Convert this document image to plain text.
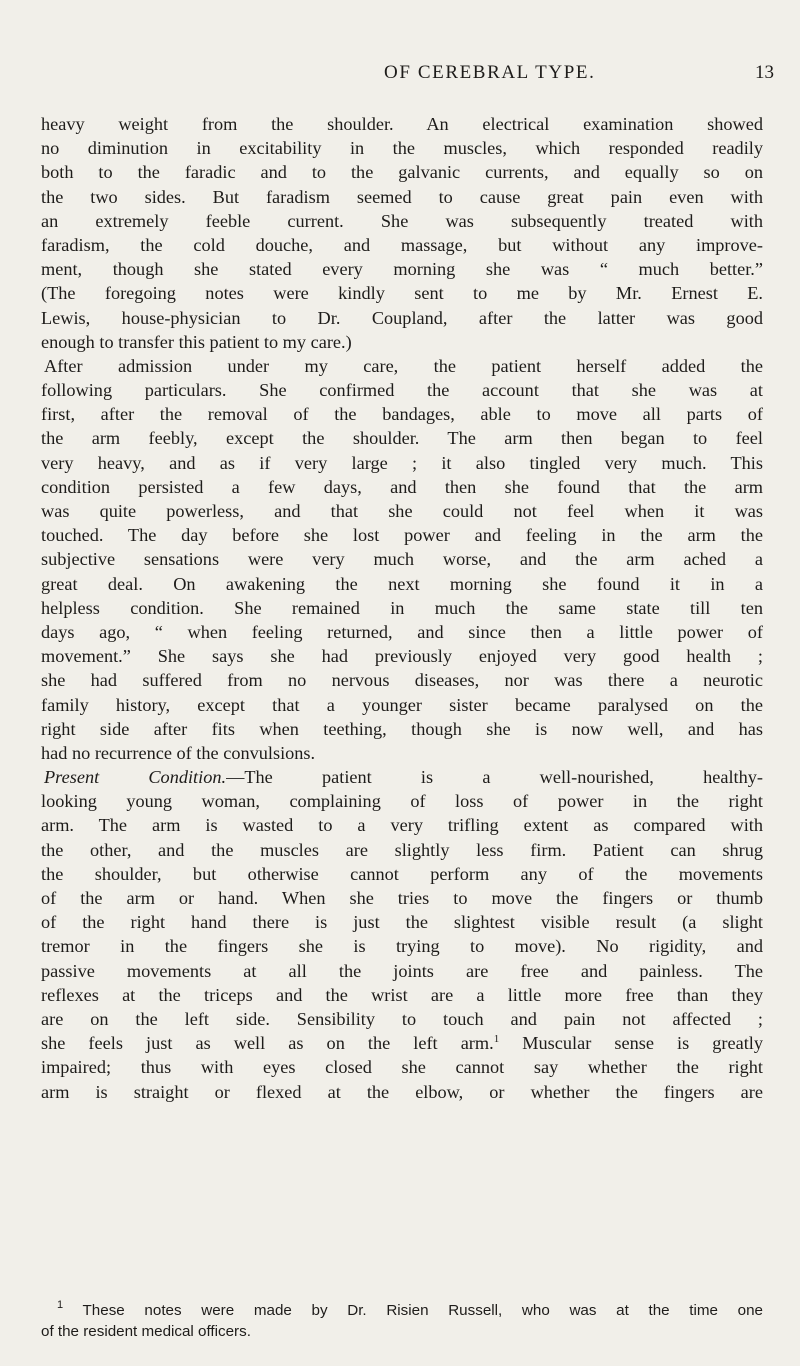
OF CEREBRAL TYPE.	13
heavy weight from the shoulder. An electrical examination showed
no diminution in excitability in the muscles, which responded readily
both to the faradic and to the galvanic currents, and equally so on
the two sides. But faradism seemed to cause great pain even with
an extremely feeble current. She was subsequently treated with
faradism, the cold douche, and massage, but without any improve-
ment, though she stated every morning she was “ much better.”
(The foregoing notes were kindly sent to me by Mr. Ernest E.
Lewis, house-physician to Dr. Coupland, after the latter was good
enough to transfer this patient to my care.)
After admission under my care, the patient herself added the
following particulars. She confirmed the account that she was at
first, after the removal of the bandages, able to move all parts of
the arm feebly, except the shoulder. The arm then began to feel
very heavy, and as if very large ; it also tingled very much. This
condition persisted a few days, and then she found that the arm
was quite powerless, and that she could not feel when it was
touched. The day before she lost power and feeling in the arm the
subjective sensations were very much worse, and the arm ached a
great deal. On awakening the next morning she found it in a
helpless condition. She remained in much the same state till ten
days ago, “ when feeling returned, and since then a little power of
movement.” She says she had previously enjoyed very good health ;
she had suffered from no nervous diseases, nor was there a neurotic
family history, except that a younger sister became paralysed on the
right side after fits when teething, though she is now well, and has
had no recurrence of the convulsions.
Present Condition.—The patient is a well-nourished, healthy-
looking young woman, complaining of loss of power in the right
arm. The arm is wasted to a very trifling extent as compared with
the other, and the muscles are slightly less firm. Patient can shrug
the shoulder, but otherwise cannot perform any of the movements
of the arm or hand. When she tries to move the fingers or thumb
of the right hand there is just the slightest visible result (a slight
tremor in the fingers she is trying to move). No rigidity, and
passive movements at all the joints are free and painless. The
reflexes at the triceps and the wrist are a little more free than they
are on the left side. Sensibility to touch and pain not affected ;
she feels just as well as on the left arm.$^1$ Muscular sense is greatly
impaired; thus with eyes closed she cannot say whether the right
arm is straight or flexed at the elbow, or whether the fingers are
$^1$ These notes were made by Dr. Risien Russell, who was at the time one
of the resident medical officers.
